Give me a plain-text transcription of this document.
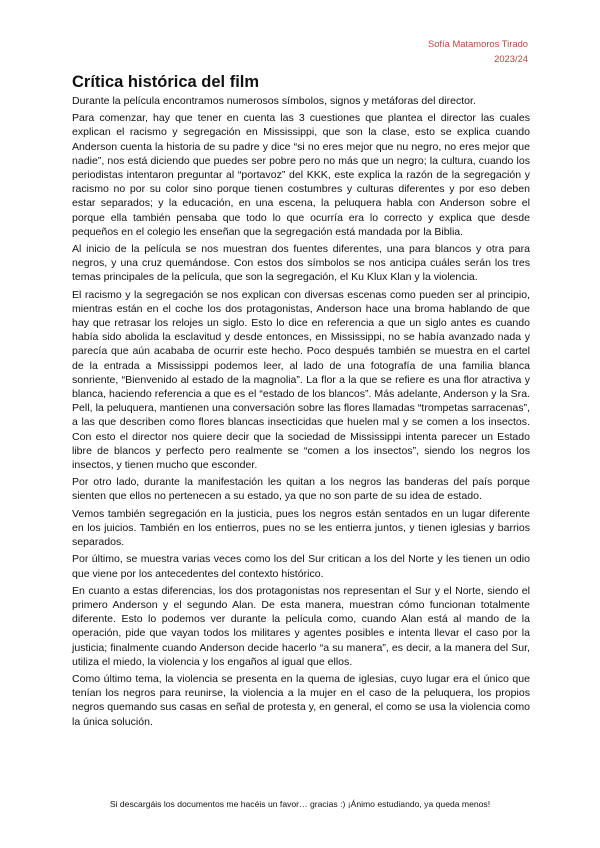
Sofía Matamoros Tirado
2023/24
Crítica histórica del film

Durante la película encontramos numerosos símbolos, signos y metáforas del director.

Para comenzar, hay que tener en cuenta las 3 cuestiones que plantea el director las cuales explican el racismo y segregación en Mississippi, que son la clase, esto se explica cuando Anderson cuenta la historia de su padre y dice “si no eres mejor que nu negro, no eres mejor que nadie”, nos está diciendo que puedes ser pobre pero no más que un negro; la cultura, cuando los periodistas intentaron preguntar al “portavoz” del KKK, este explica la razón de la segregación y racismo no por su color sino porque tienen costumbres y culturas diferentes y por eso deben estar separados; y la educación, en una escena, la peluquera habla con Anderson sobre el porque ella también pensaba que todo lo que ocurría era lo correcto y explica que desde pequeños en el colegio les enseñan que la segregación está mandada por la Biblia.

Al inicio de la película se nos muestran dos fuentes diferentes, una para blancos y otra para negros, y una cruz quemándose. Con estos dos símbolos se nos anticipa cuáles serán los tres temas principales de la película, que son la segregación, el Ku Klux Klan y la violencia.

El racismo y la segregación se nos explican con diversas escenas como pueden ser al principio, mientras están en el coche los dos protagonistas, Anderson hace una broma hablando de que hay que retrasar los relojes un siglo. Esto lo dice en referencia a que un siglo antes es cuando había sido abolida la esclavitud y desde entonces, en Mississippi, no se había avanzado nada y parecía que aún acababa de ocurrir este hecho. Poco después también se muestra en el cartel de la entrada a Mississippi podemos leer, al lado de una fotografía de una familia blanca sonriente, “Bienvenido al estado de la magnolia”. La flor a la que se refiere es una flor atractiva y blanca, haciendo referencia a que es el “estado de los blancos”. Más adelante, Anderson y la Sra. Pell, la peluquera, mantienen una conversación sobre las flores llamadas “trompetas sarracenas”, a las que describen como flores blancas insecticidas que huelen mal y se comen a los insectos. Con esto el director nos quiere decir que la sociedad de Mississippi intenta parecer un Estado libre de blancos y perfecto pero realmente se “comen a los insectos”, siendo los negros los insectos, y tienen mucho que esconder.

Por otro lado, durante la manifestación les quitan a los negros las banderas del país porque sienten que ellos no pertenecen a su estado, ya que no son parte de su idea de estado.

Vemos también segregación en la justicia, pues los negros están sentados en un lugar diferente en los juicios. También en los entierros, pues no se les entierra juntos, y tienen iglesias y barrios separados.

Por último, se muestra varias veces como los del Sur critican a los del Norte y les tienen un odio que viene por los antecedentes del contexto histórico.

En cuanto a estas diferencias, los dos protagonistas nos representan el Sur y el Norte, siendo el primero Anderson y el segundo Alan. De esta manera, muestran cómo funcionan totalmente diferente. Esto lo podemos ver durante la película como, cuando Alan está al mando de la operación, pide que vayan todos los militares y agentes posibles e intenta llevar el caso por la justicia; finalmente cuando Anderson decide hacerlo “a su manera”, es decir, a la manera del Sur, utiliza el miedo, la violencia y los engaños al igual que ellos.

Como último tema, la violencia se presenta en la quema de iglesias, cuyo lugar era el único que tenían los negros para reunirse, la violencia a la mujer en el caso de la peluquera, los propios negros quemando sus casas en señal de protesta y, en general, el como se usa la violencia como la única solución.

Si descargáis los documentos me hacéis un favor… gracias :) ¡Ánimo estudiando, ya queda menos!
